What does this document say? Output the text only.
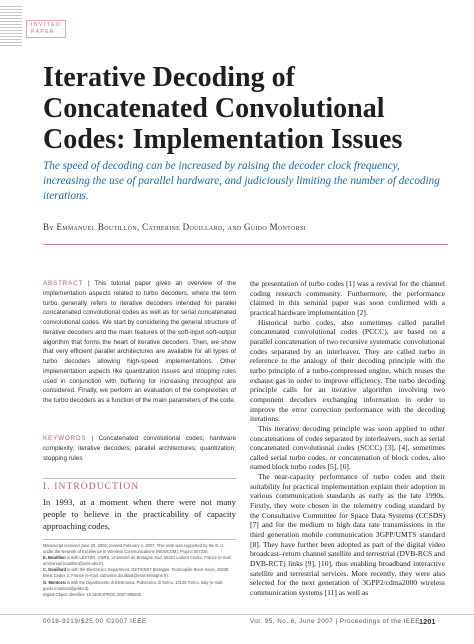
INVITED
PAPER
Iterative Decoding of Concatenated Convolutional Codes: Implementation Issues
The speed of decoding can be increased by raising the decoder clock frequency, increasing the use of parallel hardware, and judiciously limiting the number of decoding iterations.
By Emmanuel Boutillon, Catherine Douillard, and Guido Montorsi
ABSTRACT | This tutorial paper gives an overview of the implementation aspects related to turbo decoders, where the term turbo generally refers to iterative decoders intended for parallel concatenated convolutional codes as well as for serial concatenated convolutional codes. We start by considering the general structure of iterative decoders and the main features of the soft-input soft-output algorithm that forms the heart of iterative decoders. Then, we show that very efficient parallel architectures are available for all types of turbo decoders allowing high-speed implementations. Other implementation aspects like quantization issues and stopping rules used in conjunction with buffering for increasing throughput are considered. Finally, we perform an evaluation of the complexities of the turbo decoders as a function of the main parameters of the code.
KEYWORDS | Concatenated convolutional codes; hardware complexity; iterative decoders; parallel architectures; quantization; stopping rules
I. INTRODUCTION
In 1993, at a moment when there were not many people to believe in the practicability of capacity approaching codes,
Manuscript received June 20, 2006; revised February 1, 2007. This work was supported by the E. U. under the Network of Excellence in Wireless Communications (NEWCOM), Project 507325.
E. Boutillon is with LESTER, CNRS, Université de Bretagne Sud, 56321 Lorient Cedex, France (e-mail: emmanuel.boutillon@univ-ubs.fr).
C. Douillard is with the Electronics Department, GET/ENST Bretagne, Technopôle Brest-Iroise, 29238 Brest Cedex 3, France (e-mail: catherine.douillard@enst-bretagne.fr).
G. Montorsi is with the Dipartimento di Elettronica, Politecnico di Torino, 10129 Torino, Italy (e-mail: guido.montorsi@polito.it).
Digital Object Identifier: 10.1109/JPROC.2007.895202

the presentation of turbo codes [1] was a revival for the channel coding research community. Furthermore, the performance claimed in this seminal paper was soon confirmed with a practical hardware implementation [2].

Historical turbo codes, also sometimes called parallel concatenated convolutional codes (PCCC), are based on a parallel concatenation of two recursive systematic convolutional codes separated by an interleaver. They are called turbo in reference to the analogy of their decoding principle with the turbo principle of a turbo-compressed engine, which reuses the exhaust gas in order to improve efficiency. The turbo decoding principle calls for an iterative algorithm involving two component decoders exchanging information in order to improve the error correction performance with the decoding iterations.

This iterative decoding principle was soon applied to other concatenations of codes separated by interleavers, such as serial concatenated convolutional codes (SCCC) [3], [4], sometimes called serial turbo codes, or concatenation of block codes, also named block turbo codes [5], [6].

The near-capacity performance of turbo codes and their suitability for practical implementation explain their adoption in various communication standards as early as the late 1990s. Firstly, they were chosen in the telemetry coding standard by the Consultative Committee for Space Data Systems (CCSDS) [7] and for the medium to high data rate transmissions in the third generation mobile communication 3GPP/UMTS standard [8]. They have further been adopted as part of the digital video broadcast–return channel satellite and terrestrial (DVB-RCS and DVB-RCT) links [9], [10], thus enabling broadband interactive satellite and terrestrial services. More recently, they were also selected for the next generation of 3GPP2/cdma2000 wireless communication systems [11] as well as

0018-9219/$25.00 ©2007 IEEE	Vol. 95, No. 6, June 2007 | Proceedings of the IEEE 1201
